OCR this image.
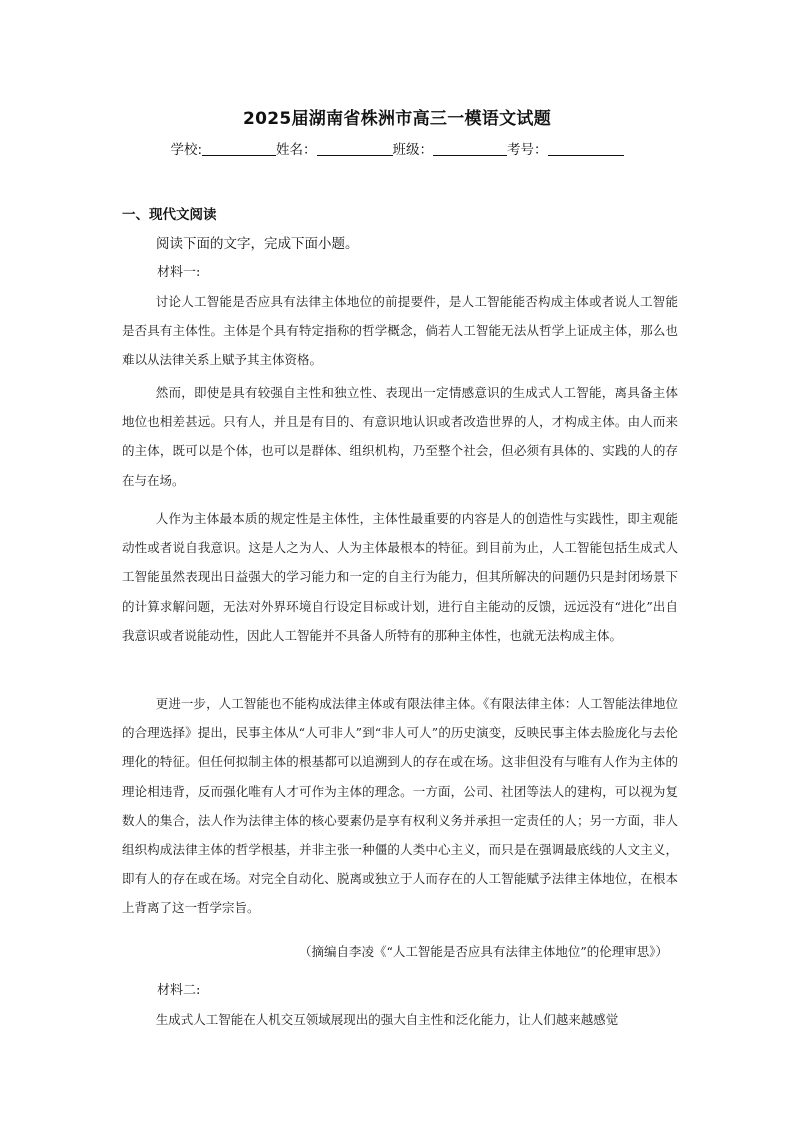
2025届湖南省株洲市高三一模语文试题
学校:	姓名：	班级：	考号：
一、现代文阅读
阅读下面的文字，完成下面小题。
材料一:

讨论人工智能是否应具有法律主体地位的前提要件，是人工智能能否构成主体或者说人工智能是否具有主体性。主体是个具有特定指称的哲学概念，倘若人工智能无法从哲学上证成主体，那么也难以从法律关系上赋予其主体资格。

然而，即使是具有较强自主性和独立性、表现出一定情感意识的生成式人工智能，离具备主体地位也相差甚远。只有人，并且是有目的、有意识地认识或者改造世界的人，才构成主体。由人而来的主体，既可以是个体，也可以是群体、组织机构，乃至整个社会，但必须有具体的、实践的人的存在与在场。

人作为主体最本质的规定性是主体性，主体性最重要的内容是人的创造性与实践性，即主观能动性或者说自我意识。这是人之为人、人为主体最根本的特征。到目前为止，人工智能包括生成式人工智能虽然表现出日益强大的学习能力和一定的自主行为能力，但其所解决的问题仍只是封闭场景下的计算求解问题，无法对外界环境自行设定目标或计划，进行自主能动的反馈，远远没有“进化”出自我意识或者说能动性，因此人工智能并不具备人所特有的那种主体性，也就无法构成主体。

更进一步，人工智能也不能构成法律主体或有限法律主体。《有限法律主体：人工智能法律地位的合理选择》提出，民事主体从“人可非人”到“非人可人”的历史演变，反映民事主体去脸庞化与去伦理化的特征。但任何拟制主体的根基都可以追溯到人的存在或在场。这非但没有与唯有人作为主体的理论相违背，反而强化唯有人才可作为主体的理念。一方面，公司、社团等法人的建构，可以视为复数人的集合，法人作为法律主体的核心要素仍是享有权利义务并承担一定责任的人；另一方面，非人组织构成法律主体的哲学根基，并非主张一种僵的人类中心主义，而只是在强调最底线的人文主义，即有人的存在或在场。对完全自动化、脱离或独立于人而存在的人工智能赋予法律主体地位，在根本上背离了这一哲学宗旨。

（摘编自李凌《“人工智能是否应具有法律主体地位”的伦理审思》）
材料二:

生成式人工智能在人机交互领域展现出的强大自主性和泛化能力，让人们越来越感觉
